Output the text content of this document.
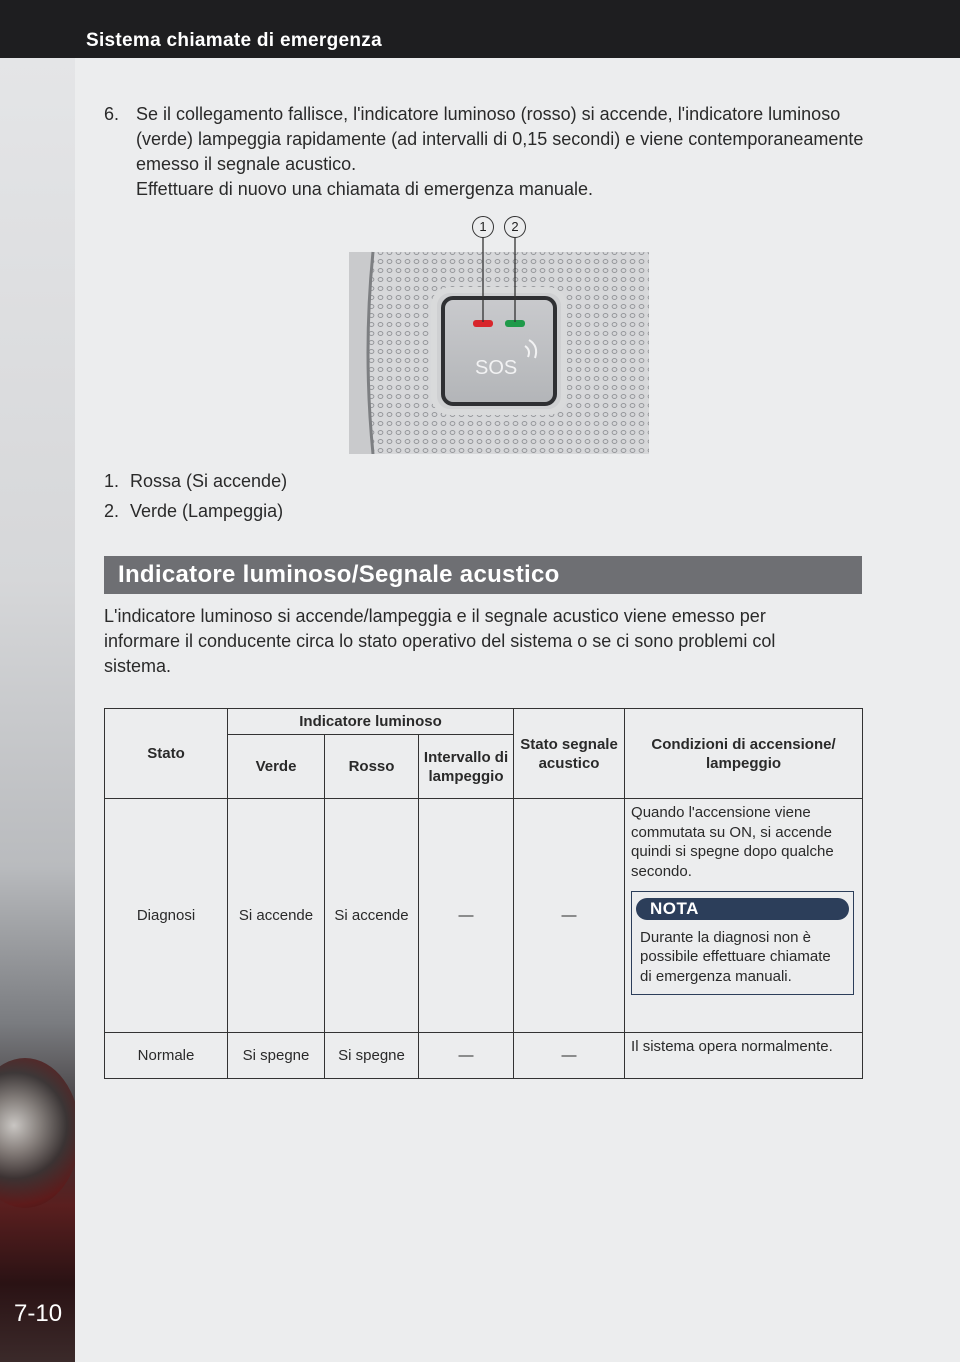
Sistema chiamate di emergenza
7-10
6. Se il collegamento fallisce, l'indicatore luminoso (rosso) si accende, l'indicatore luminoso (verde) lampeggia rapidamente (ad intervalli di 0,15 secondi) e viene contemporaneamente emesso il segnale acustico.

Effettuare di nuovo una chiamata di emergenza manuale.

SOS
1	2
1. Rossa (Si accende)
2. Verde (Lampeggia)
Indicatore luminoso/Segnale acustico

L'indicatore luminoso si accende/lampeggia e il segnale acustico viene emesso per informare il conducente circa lo stato operativo del sistema o se ci sono problemi col sistema.

Stato	Indicatore luminoso			Stato segnale acustico	Condizioni di accensione/ lampeggio
	Verde	Rosso	Intervallo di lampeggio		
Diagnosi	Si accende	Si accende	—	—	Quando l'accensione viene commutata su ON, si accende quindi si spegne dopo qualche secondo.
NOTA
Durante la diagnosi non è possibile effettuare chiamate di emergenza manuali.

Normale	Si spegne	Si spegne	—	—	Il sistema opera normalmente.
